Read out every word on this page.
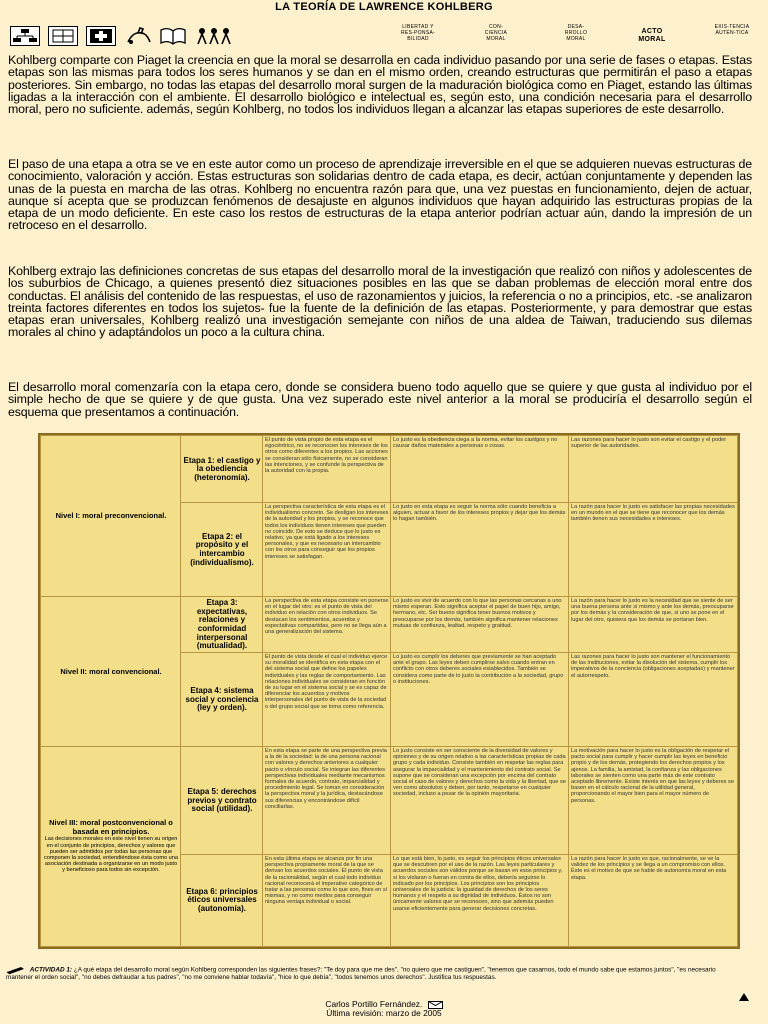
LA TEORÍA DE LAWRENCE KOHLBERG
LIBERTAD Y RES-PONSA-BILIDAD
CON-CIENCIA MORAL
DESA-RROLLO MORAL
ACTO MORAL
EXIS-TENCIA AUTÉN-TICA

Kohlberg comparte con Piaget la creencia en que la moral se desarrolla en cada individuo pasando por una serie de fases o etapas. Estas etapas son las mismas para todos los seres humanos y se dan en el mismo orden, creando estructuras que permitirán el paso a etapas posteriores. Sin embargo, no todas las etapas del desarrollo moral surgen de la maduración biológica como en Piaget, estando las últimas ligadas a la interacción con el ambiente. El desarrollo biológico e intelectual es, según esto, una condición necesaria para el desarrollo moral, pero no suficiente. además, según Kohlberg, no todos los individuos llegan a alcanzar las etapas superiores de este desarrollo.

El paso de una etapa a otra se ve en este autor como un proceso de aprendizaje irreversible en el que se adquieren nuevas estructuras de conocimiento, valoración y acción. Estas estructuras son solidarias dentro de cada etapa, es decir, actúan conjuntamente y dependen las unas de la puesta en marcha de las otras. Kohlberg no encuentra razón para que, una vez puestas en funcionamiento, dejen de actuar, aunque sí acepta que se produzcan fenómenos de desajuste en algunos individuos que hayan adquirido las estructuras propias de la etapa de un modo deficiente. En este caso los restos de estructuras de la etapa anterior podrían actuar aún, dando la impresión de un retroceso en el desarrollo.

Kohlberg extrajo las definiciones concretas de sus etapas del desarrollo moral de la investigación que realizó con niños y adolescentes de los suburbios de Chicago, a quienes presentó diez situaciones posibles en las que se daban problemas de elección moral entre dos conductas. El análisis del contenido de las respuestas, el uso de razonamientos y juicios, la referencia o no a principios, etc. -se analizaron treinta factores diferentes en todos los sujetos- fue la fuente de la definición de las etapas. Posteriormente, y para demostrar que estas etapas eran universales, Kohlberg realizó una investigación semejante con niños de una aldea de Taiwan, traduciendo sus dilemas morales al chino y adaptándolos un poco a la cultura china.

El desarrollo moral comenzaría con la etapa cero, donde se considera bueno todo aquello que se quiere y que gusta al individuo por el simple hecho de que se quiere y de que gusta. Una vez superado este nivel anterior a la moral se produciría el desarrollo según el esquema que presentamos a continuación.

Nivel I: moral preconvencional.
Etapa 1: el castigo y la obediencia (heteronomía).
El punto de vista propio de esta etapa es el egocéntrico, no se reconocen los intereses de los otros como diferentes a los propios. Las acciones se consideran sólo físicamente, no se consideran las intenciones, y se confunde la perspectiva de la autoridad con la propia.
Lo justo es la obediencia ciega a la norma, evitar los castigos y no causar daños materiales a personas o cosas.
Las razones para hacer lo justo son evitar el castigo y el poder superior de las autoridades.
Etapa 2: el propósito y el intercambio (individualismo).
La perspectiva característica de esta etapa es el individualismo concreto. Se desligan los intereses de la autoridad y los propios, y se reconoce que todos los individuos tienen intereses que pueden no coincidir. De esto se deduce que lo justo es relativo, ya que está ligado a los intereses personales, y que es necesario un intercambio con los otros para conseguir que los propios intereses se satisfagan.
Lo justo en esta etapa es seguir la norma sólo cuando beneficia a alguien, actuar a favor de los intereses propios y dejar que los demás lo hagan también.
La razón para hacer lo justo es satisfacer las propias necesidades en un mundo en el que se tiene que reconocer que los demás también tienen sus necesidades e intereses.
Nivel II: moral convencional.
Etapa 3: expectativas, relaciones y conformidad interpersonal (mutualidad).
La perspectiva de esta etapa consiste en ponerse en el lugar del otro: es el punto de vista del individuo en relación con otros individuos. Se destacan los sentimientos, acuerdos y expectativas compartidas, pero no se llega aún a una generalización del sistema.
Lo justo es vivir de acuerdo con lo que las personas cercanas a uno mismo esperan. Esto significa aceptar el papel de buen hijo, amigo, hermano, etc. Ser bueno significa tener buenos motivos y preocuparse por los demás, también significa mantener relaciones mutuas de confianza, lealtad, respeto y gratitud.
La razón para hacer lo justo es la necesidad que se siente de ser una buena persona ante sí mismo y ante los demás, preocuparse por los demás y la consideración de que, si uno se pone en el lugar del otro, quisiera que los demás se portaran bien.
Etapa 4: sistema social y conciencia (ley y orden).
El punto de vista desde el cual el individuo ejerce su moralidad se identifica en esta etapa con el del sistema social que define los papeles individuales y las reglas de comportamiento. Las relaciones individuales se consideran en función de su lugar en el sistema social y se es capaz de diferenciar los acuerdos y motivos interpersonales del punto de vista de la sociedad o del grupo social que se toma como referencia.
Lo justo es cumplir los deberes que previamente se han aceptado ante el grupo. Las leyes deben cumplirse salvo cuando entran en conflicto con otros deberes sociales establecidos. También se considera como parte de lo justo la contribución a la sociedad, grupo o instituciones.
Las razones para hacer lo justo son mantener el funcionamiento de las instituciones, evitar la disolución del sistema, cumplir los imperativos de la conciencia (obligaciones aceptadas) y mantener el autorrespeto.
Nivel III: moral postconvencional o basada en principios.
Las decisiones morales en este nivel tienen su origen en el conjunto de principios, derechos y valores que pueden ser admitidos por todas las personas que componen la sociedad, entendiéndose ésta como una asociación destinada a organizarse en un modo justo y beneficioso para todos sin excepción.
Etapa 5: derechos previos y contrato social (utilidad).
En esta etapa se parte de una perspectiva previa a la de la sociedad: la de una persona racional con valores y derechos anteriores a cualquier pacto o vínculo social. Se integran las diferentes perspectivas individuales mediante mecanismos formales de acuerdo, contrato, imparcialidad y procedimiento legal. Se toman en consideración la perspectiva moral y la jurídica, destacándose sus diferencias y encontrándose difícil conciliarlas.
Lo justo consiste en ser consciente de la diversidad de valores y opiniones y de su origen relativo a las características propias de cada grupo y cada individuo. Consiste también en respetar las reglas para asegurar la imparcialidad y el mantenimiento del contrato social. Se supone que se consideran una excepción por encima del contrato social el caso de valores y derechos como la vida y la libertad, que se ven como absolutos y deben, por tanto, respetarse en cualquier sociedad, incluso a pesar de la opinión mayoritaria.
La motivación para hacer lo justo es la obligación de respetar el pacto social para cumplir y hacer cumplir las leyes en beneficio propio y de los demás, protegiendo los derechos propios y los ajenos. La familia, la amistad, la confianza y las obligaciones laborales se sienten como una parte más de este contrato aceptado libremente. Existe interés en que las leyes y deberes se basen en el cálculo racional de la utilidad general, proporcionando el mayor bien para el mayor número de personas.
Etapa 6: principios éticos universales (autonomía).
En esta última etapa se alcanza por fin una perspectiva propiamente moral de la que se derivan los acuerdos sociales. El punto de vista de la racionalidad, según el cual todo individuo racional reconocerá el imperativo categórico de tratar a las personas como lo que son, fines en sí mismas, y no como medios para conseguir ninguna ventaja individual o social.
Lo que está bien, lo justo, es seguir los principios éticos universales que se descubren por el uso de la razón. Las leyes particulares y acuerdos sociales son válidos porque se basan en esos principios y, si los violaran o fueran en contra de ellos, debería seguirse lo indicado por los principios. Los principios son los principios universales de la justicia: la igualdad de derechos de los seres humanos y el respeto a su dignidad de individuos. Éstos no son únicamente valores que se reconocen, sino que además pueden usarse eficientemente para generar decisiones concretas.
La razón para hacer lo justo es que, racionalmente, se ve la validez de los principios y se llega a un compromiso con ellos. Éste es el motivo de que se hable de autonomía moral en esta etapa.

ACTIVIDAD 1: ¿A qué etapa del desarrollo moral según Kohlberg corresponden las siguientes frases?: "Te doy para que me des", "no quiero que me castiguen", "tenemos que casarnos, todo el mundo sabe que estamos juntos", "es necesario mantener el orden social", "no debes defraudar a tus padres", "no me conviene hablar todavía", "hice lo que debía", "todos tenemos unos derechos". Justifica tus respuestas.

Carlos Portillo Fernández.
Última revisión: marzo de 2005
